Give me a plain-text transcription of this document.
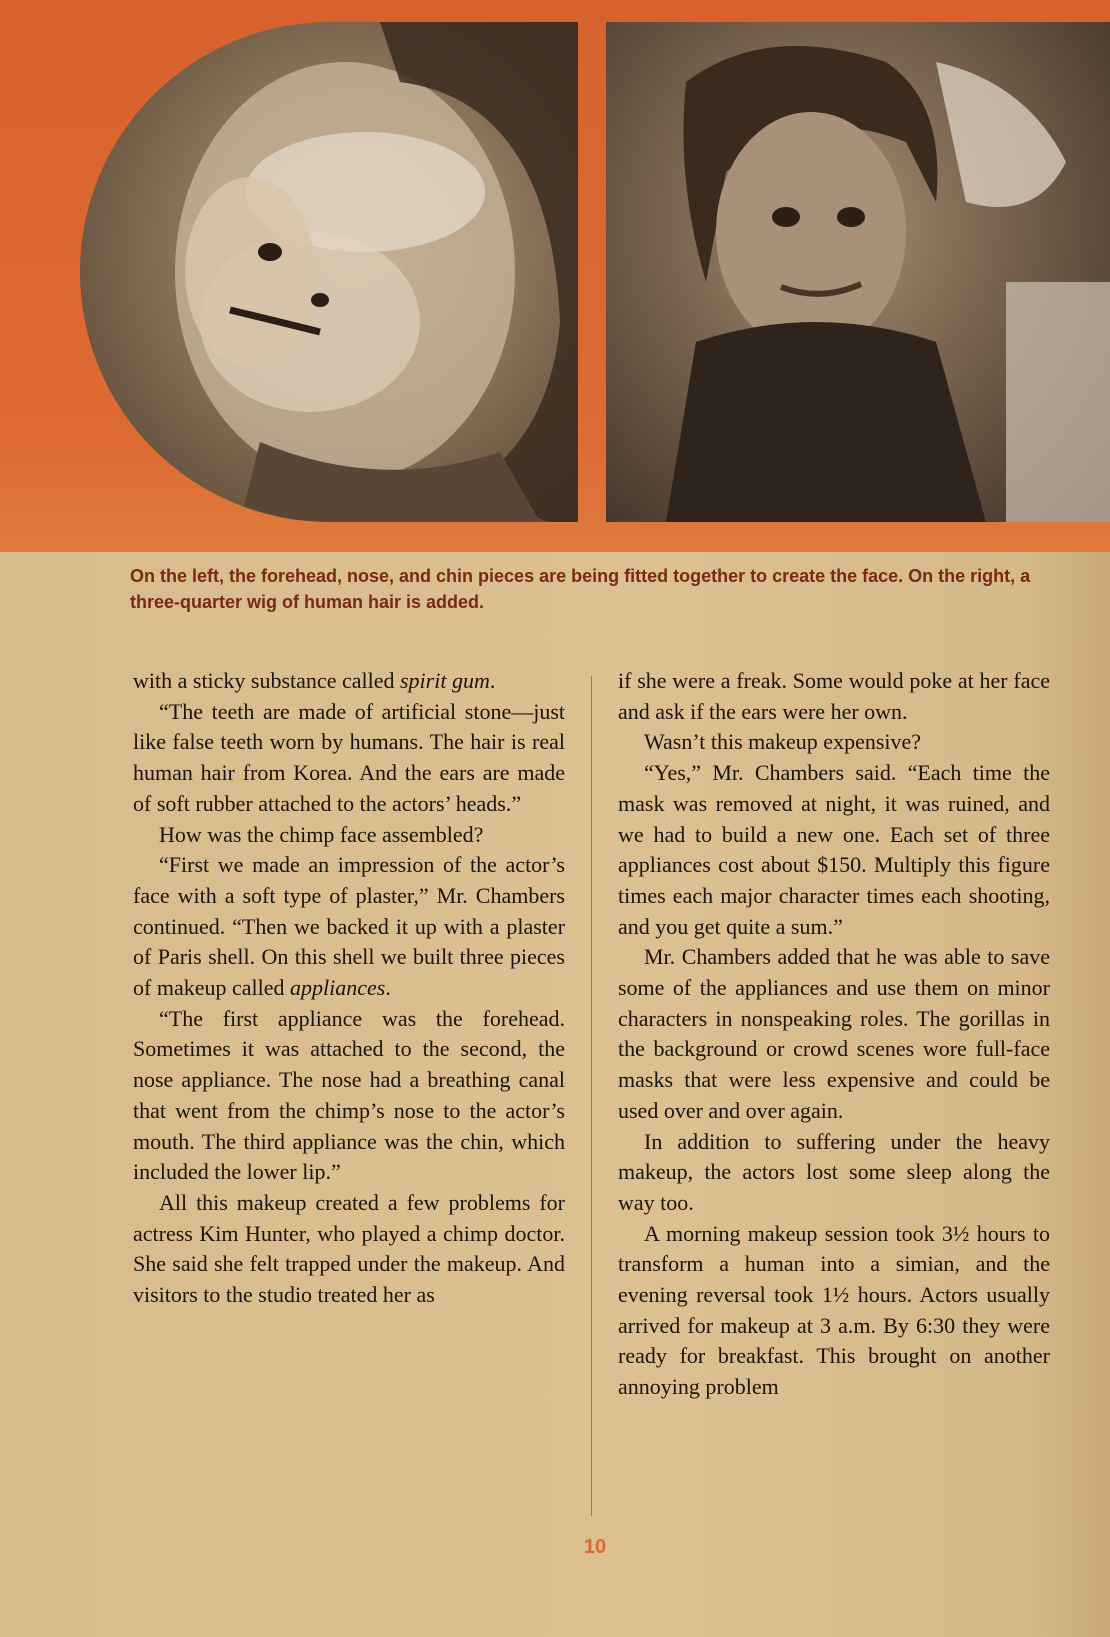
On the left, the forehead, nose, and chin pieces are being fitted together to create the face. On the right, a three-quarter wig of human hair is added.

with a sticky substance called spirit gum.

“The teeth are made of artificial stone—just like false teeth worn by humans. The hair is real human hair from Korea. And the ears are made of soft rubber attached to the actors’ heads.”

How was the chimp face assembled?

“First we made an impression of the actor’s face with a soft type of plaster,” Mr. Chambers continued. “Then we backed it up with a plaster of Paris shell. On this shell we built three pieces of makeup called appliances.

“The first appliance was the forehead. Sometimes it was attached to the second, the nose appliance. The nose had a breathing canal that went from the chimp’s nose to the actor’s mouth. The third appliance was the chin, which included the lower lip.”

All this makeup created a few problems for actress Kim Hunter, who played a chimp doctor. She said she felt trapped under the makeup. And visitors to the studio treated her as

if she were a freak. Some would poke at her face and ask if the ears were her own.

Wasn’t this makeup expensive?

“Yes,” Mr. Chambers said. “Each time the mask was removed at night, it was ruined, and we had to build a new one. Each set of three appliances cost about $150. Multiply this figure times each major character times each shooting, and you get quite a sum.”

Mr. Chambers added that he was able to save some of the appliances and use them on minor characters in nonspeaking roles. The gorillas in the background or crowd scenes wore full-face masks that were less expensive and could be used over and over again.

In addition to suffering under the heavy makeup, the actors lost some sleep along the way too.

A morning makeup session took 3½ hours to transform a human into a simian, and the evening reversal took 1½ hours. Actors usually arrived for makeup at 3 a.m. By 6:30 they were ready for breakfast. This brought on another annoying problem

10
